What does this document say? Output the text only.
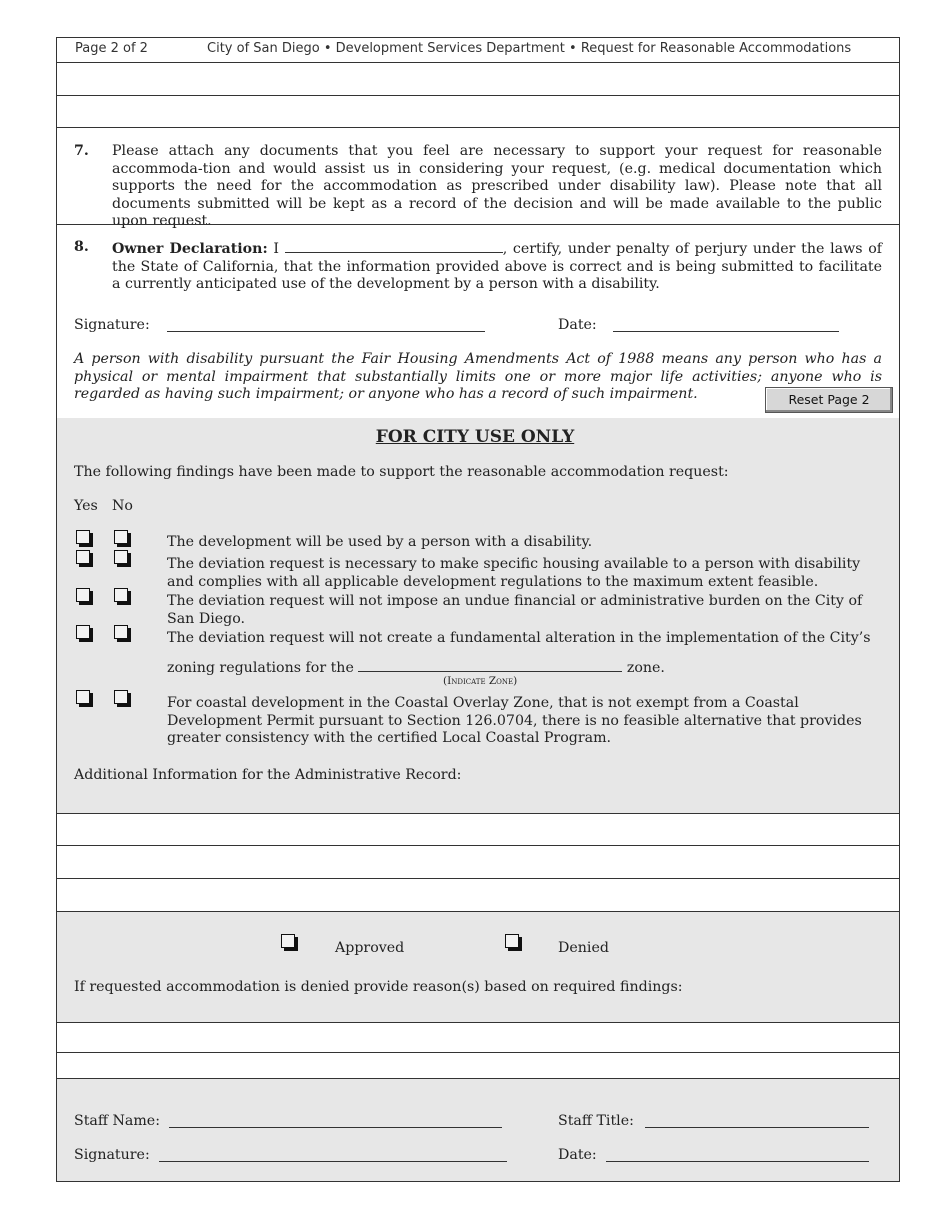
Page 2 of 2	City of San Diego • Development Services Department • Request for Reasonable Accommodations
7. Please attach any documents that you feel are necessary to support your request for reasonable accommoda-tion and would assist us in considering your request, (e.g. medical documentation which supports the need for the accommodation as prescribed under disability law). Please note that all documents submitted will be kept as a record of the decision and will be made available to the public upon request.
8. Owner Declaration: I	, certify, under penalty of perjury under the laws of the State of California, that the information provided above is correct and is being submitted to facilitate a currently anticipated use of the development by a person with a disability.
Signature:	Date:
A person with disability pursuant the Fair Housing Amendments Act of 1988 means any person who has a physical or mental impairment that substantially limits one or more major life activities; anyone who is regarded as having such impairment; or anyone who has a record of such impairment.	Reset Page 2
FOR CITY USE ONLY
The following findings have been made to support the reasonable accommodation request:
Yes No
The development will be used by a person with a disability.
The deviation request is necessary to make specific housing available to a person with disability and complies with all applicable development regulations to the maximum extent feasible.
The deviation request will not impose an undue financial or administrative burden on the City of San Diego.
The deviation request will not create a fundamental alteration in the implementation of the City’s
zoning regulations for the	zone.
(Indicate Zone)
For coastal development in the Coastal Overlay Zone, that is not exempt from a Coastal Development Permit pursuant to Section 126.0704, there is no feasible alternative that provides greater consistency with the certified Local Coastal Program.
Additional Information for the Administrative Record:
Approved	Denied
If requested accommodation is denied provide reason(s) based on required findings:
Staff Name:	Staff Title:
Signature:	Date:
